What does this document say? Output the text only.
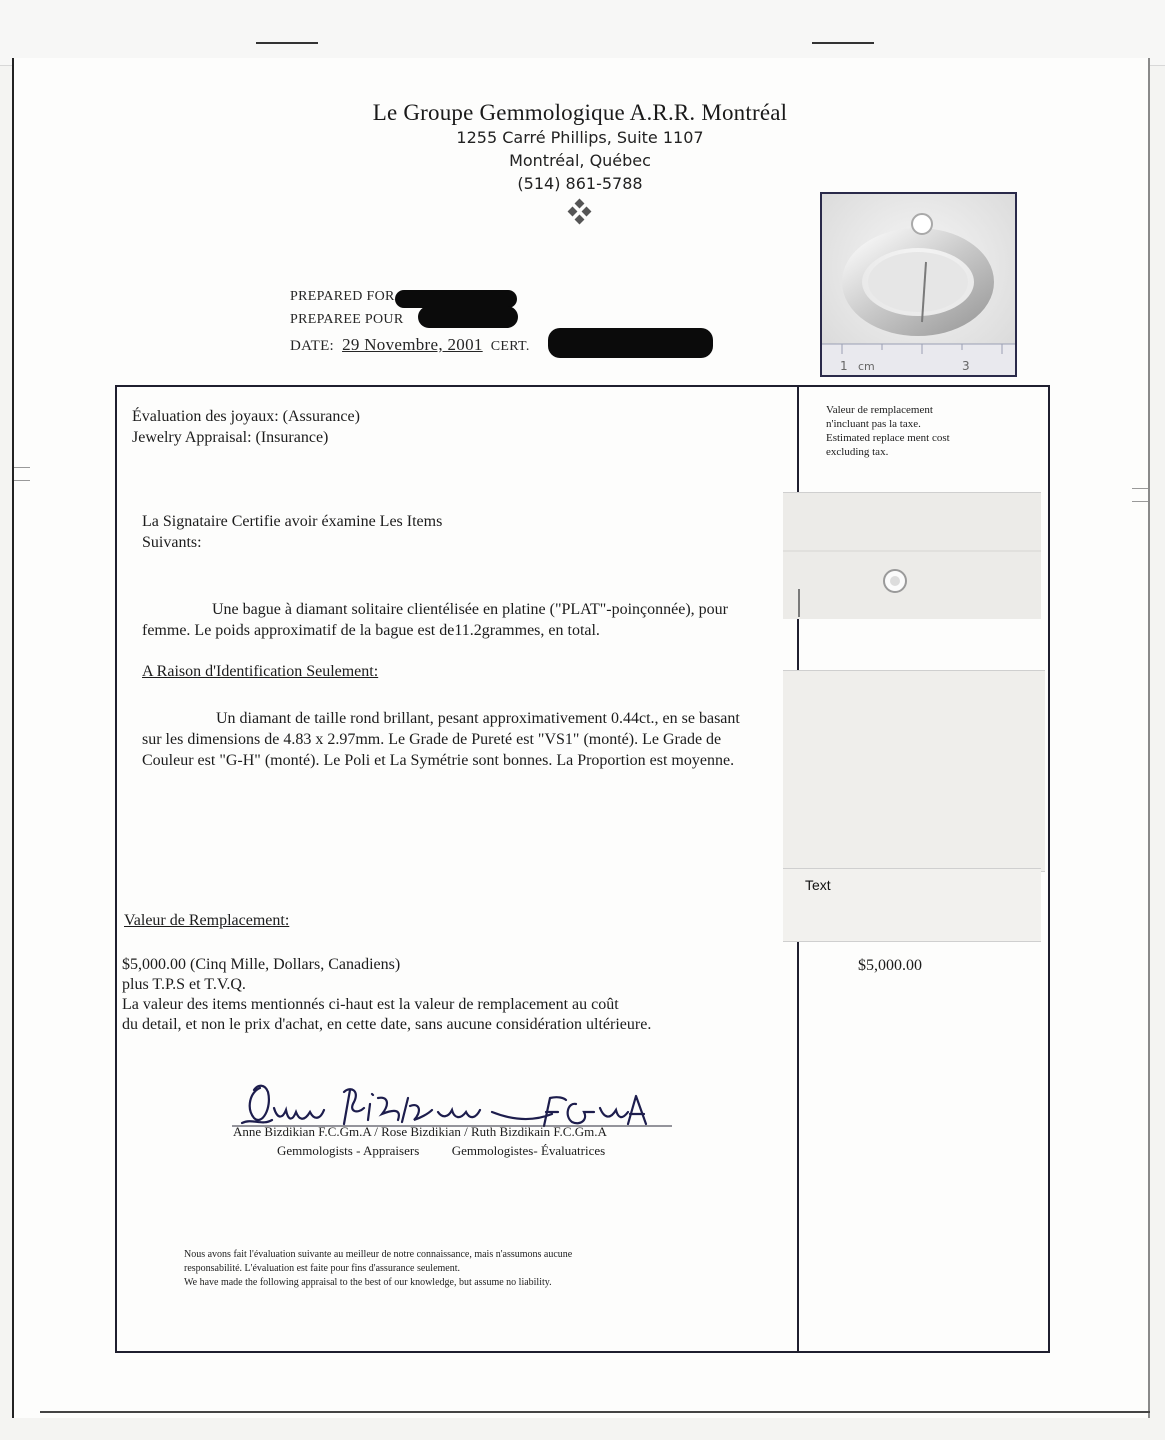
Le Groupe Gemmologique A.R.R. Montréal
1255 Carré Phillips, Suite 1107
Montréal, Québec
(514) 861-5788
PREPARED FOR
PREPAREE POUR
DATE: 29 Novembre, 2001 CERT.
1 cm	3
Évaluation des joyaux: (Assurance)
Jewelry Appraisal: (Insurance)
Valeur de remplacement
n'incluant pas la taxe.
Estimated replace ment cost
excluding tax.
La Signataire Certifie avoir éxamine Les Items
Suivants:
Une bague à diamant solitaire clientélisée en platine ("PLAT"-poinçonnée), pour femme. Le poids approximatif de la bague est de11.2grammes, en total.
A Raison d'Identification Seulement:
Un diamant de taille rond brillant, pesant approximativement 0.44ct., en se basant sur les dimensions de 4.83 x 2.97mm. Le Grade de Pureté est "VS1" (monté). Le Grade de Couleur est "G-H" (monté). Le Poli et La Symétrie sont bonnes. La Proportion est moyenne.
Text
Valeur de Remplacement:
$5,000.00 (Cinq Mille, Dollars, Canadiens)
plus T.P.S et T.V.Q.
La valeur des items mentionnés ci-haut est la valeur de remplacement au coût
du detail, et non le prix d'achat, en cette date, sans aucune considération ultérieure.
$5,000.00
Anne Bizdikian F.C.Gm.A / Rose Bizdikian / Ruth Bizdikain F.C.Gm.A
Gemmologists - Appraisers	Gemmologistes- Évaluatrices
Nous avons fait l'évaluation suivante au meilleur de notre connaissance, mais n'assumons aucune
responsabilité. L'évaluation est faite pour fins d'assurance seulement.
We have made the following appraisal to the best of our knowledge, but assume no liability.
